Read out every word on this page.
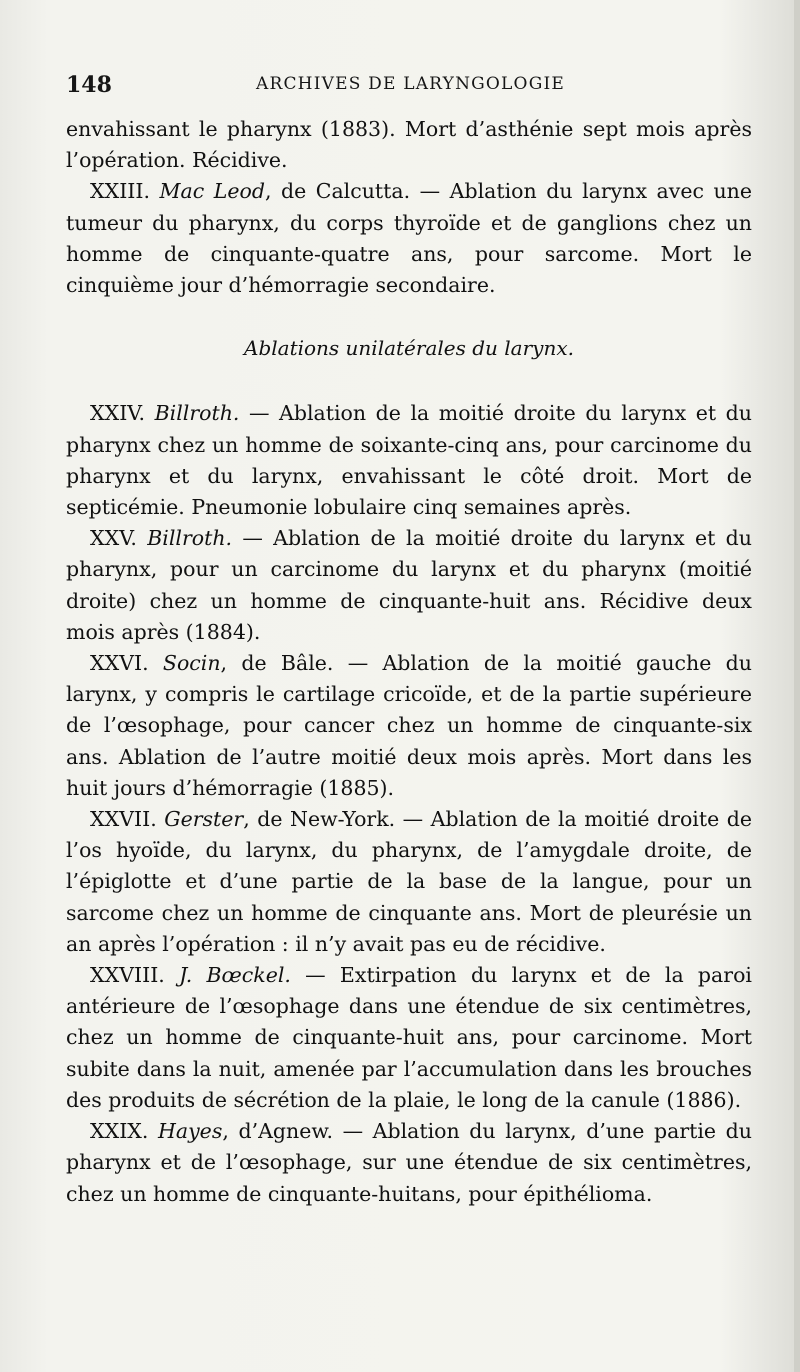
148	ARCHIVES DE LARYNGOLOGIE

envahissant le pharynx (1883). Mort d’asthénie sept mois après l’opération. Récidive.

XXIII. Mac Leod, de Calcutta. — Ablation du larynx avec une tumeur du pharynx, du corps thyroïde et de ganglions chez un homme de cinquante-quatre ans, pour sarcome. Mort le cinquième jour d’hémorragie secondaire.

Ablations unilatérales du larynx.

XXIV. Billroth. — Ablation de la moitié droite du larynx et du pharynx chez un homme de soixante-cinq ans, pour carcinome du pharynx et du larynx, envahissant le côté droit. Mort de septicémie. Pneumonie lobulaire cinq semaines après.

XXV. Billroth. — Ablation de la moitié droite du larynx et du pharynx, pour un carcinome du larynx et du pharynx (moitié droite) chez un homme de cinquante-huit ans. Récidive deux mois après (1884).

XXVI. Socin, de Bâle. — Ablation de la moitié gauche du larynx, y compris le cartilage cricoïde, et de la partie supérieure de l’œsophage, pour cancer chez un homme de cinquante-six ans. Ablation de l’autre moitié deux mois après. Mort dans les huit jours d’hémorragie (1885).

XXVII. Gerster, de New-York. — Ablation de la moitié droite de l’os hyoïde, du larynx, du pharynx, de l’amygdale droite, de l’épiglotte et d’une partie de la base de la langue, pour un sarcome chez un homme de cinquante ans. Mort de pleurésie un an après l’opération : il n’y avait pas eu de récidive.

XXVIII. J. Bœckel. — Extirpation du larynx et de la paroi antérieure de l’œsophage dans une étendue de six centimètres, chez un homme de cinquante-huit ans, pour carcinome. Mort subite dans la nuit, amenée par l’accumulation dans les brouches des produits de sécrétion de la plaie, le long de la canule (1886).

XXIX. Hayes, d’Agnew. — Ablation du larynx, d’une partie du pharynx et de l’œsophage, sur une étendue de six centimètres, chez un homme de cinquante-huitans, pour épithélioma.
